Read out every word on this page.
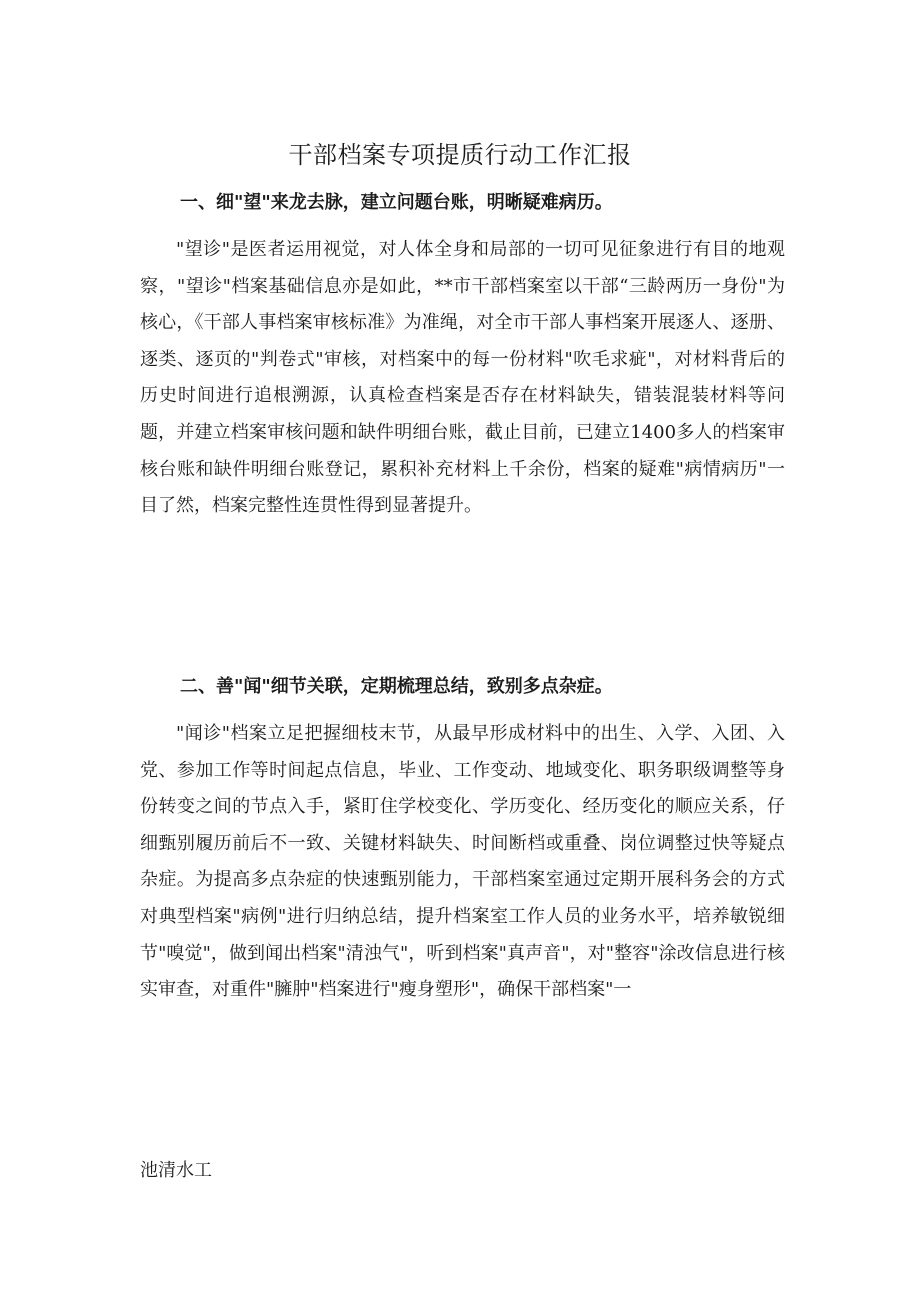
干部档案专项提质行动工作汇报
一、细"望"来龙去脉，建立问题台账，明晰疑难病历。

"望诊"是医者运用视觉，对人体全身和局部的一切可见征象进行有目的地观察，"望诊"档案基础信息亦是如此，**市干部档案室以干部“三龄两历一身份"为核心，《干部人事档案审核标准》为准绳，对全市干部人事档案开展逐人、逐册、逐类、逐页的"判卷式"审核，对档案中的每一份材料"吹毛求疵"，对材料背后的历史时间进行追根溯源，认真检查档案是否存在材料缺失，错装混装材料等问题，并建立档案审核问题和缺件明细台账，截止目前，已建立1400多人的档案审核台账和缺件明细台账登记，累积补充材料上千余份，档案的疑难"病情病历"一目了然，档案完整性连贯性得到显著提升。

二、善"闻"细节关联，定期梳理总结，致别多点杂症。

"闻诊"档案立足把握细枝末节，从最早形成材料中的出生、入学、入团、入党、参加工作等时间起点信息，毕业、工作变动、地域变化、职务职级调整等身份转变之间的节点入手，紧盯住学校变化、学历变化、经历变化的顺应关系，仔细甄别履历前后不一致、关键材料缺失、时间断档或重叠、岗位调整过快等疑点杂症。为提高多点杂症的快速甄别能力，干部档案室通过定期开展科务会的方式对典型档案"病例"进行归纳总结，提升档案室工作人员的业务水平，培养敏锐细节"嗅觉"，做到闻出档案"清浊气"，听到档案"真声音"，对"整容"涂改信息进行核实审查，对重件"臃肿"档案进行"瘦身塑形"，确保干部档案"一

池清水工
